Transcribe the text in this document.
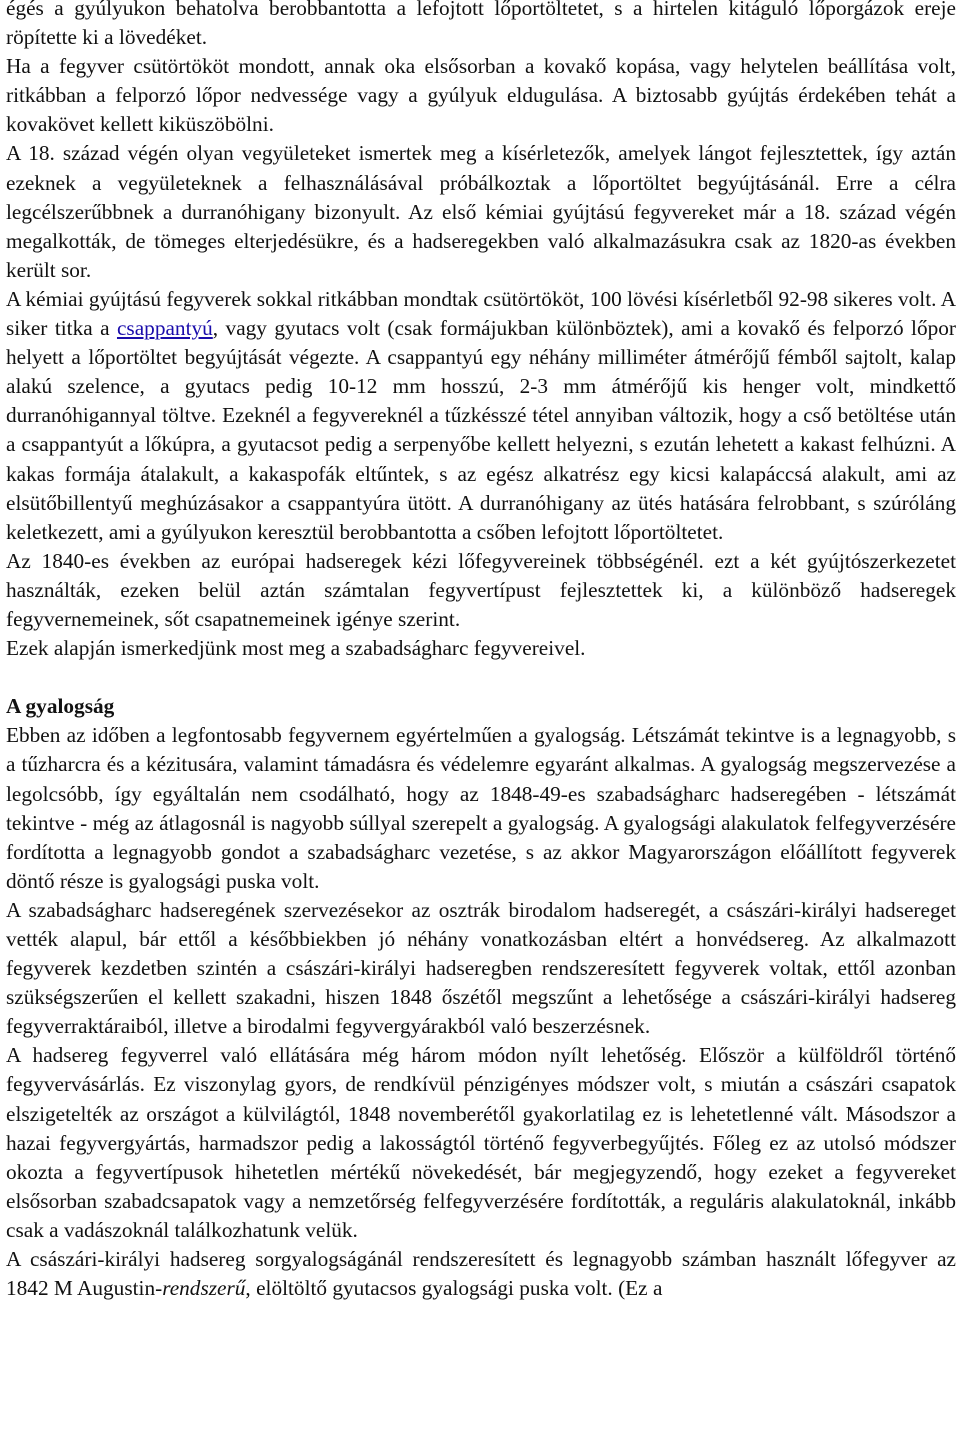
égés a gyúlyukon behatolva berobbantotta a lefojtott lőportöltetet, s a hirtelen kitáguló lőporgázok ereje röpítette ki a lövedéket.

Ha a fegyver csütörtököt mondott, annak oka elsősorban a kovakő kopása, vagy helytelen beállítása volt, ritkábban a felporzó lőpor nedvessége vagy a gyúlyuk eldugulása. A biztosabb gyújtás érdekében tehát a kovakövet kellett kiküszöbölni.

A 18. század végén olyan vegyületeket ismertek meg a kísérletezők, amelyek lángot fejlesztettek, így aztán ezeknek a vegyületeknek a felhasználásával próbálkoztak a lőportöltet begyújtásánál. Erre a célra legcélszerűbbnek a durranóhigany bizonyult. Az első kémiai gyújtású fegyvereket már a 18. század végén megalkották, de tömeges elterjedésükre, és a hadseregekben való alkalmazásukra csak az 1820-as években került sor.

A kémiai gyújtású fegyverek sokkal ritkábban mondtak csütörtököt, 100 lövési kísérletből 92-98 sikeres volt. A siker titka a csappantyú, vagy gyutacs volt (csak formájukban különböztek), ami a kovakő és felporzó lőpor helyett a lőportöltet begyújtását végezte. A csappantyú egy néhány milliméter átmérőjű fémből sajtolt, kalap alakú szelence, a gyutacs pedig 10-12 mm hosszú, 2-3 mm átmérőjű kis henger volt, mindkettő durranóhigannyal töltve. Ezeknél a fegyvereknél a tűzkésszé tétel annyiban változik, hogy a cső betöltése után a csappantyút a lőkúpra, a gyutacsot pedig a serpenyőbe kellett helyezni, s ezután lehetett a kakast felhúzni. A kakas formája átalakult, a kakaspofák eltűntek, s az egész alkatrész egy kicsi kalapáccsá alakult, ami az elsütőbillentyű meghúzásakor a csappantyúra ütött. A durranóhigany az ütés hatására felrobbant, s szúróláng keletkezett, ami a gyúlyukon keresztül berobbantotta a csőben lefojtott lőportöltetet.

Az 1840-es években az európai hadseregek kézi lőfegyvereinek többségénél. ezt a két gyújtószerkezetet használták, ezeken belül aztán számtalan fegyvertípust fejlesztettek ki, a különböző hadseregek fegyvernemeinek, sőt csapatnemeinek igénye szerint.

Ezek alapján ismerkedjünk most meg a szabadságharc fegyvereivel.

A gyalogság

Ebben az időben a legfontosabb fegyvernem egyértelműen a gyalogság. Létszámát tekintve is a legnagyobb, s a tűzharcra és a kézitusára, valamint támadásra és védelemre egyaránt alkalmas. A gyalogság megszervezése a legolcsóbb, így egyáltalán nem csodálható, hogy az 1848-49-es szabadságharc hadseregében - létszámát tekintve - még az átlagosnál is nagyobb súllyal szerepelt a gyalogság. A gyalogsági alakulatok felfegyverzésére fordította a legnagyobb gondot a szabadságharc vezetése, s az akkor Magyarországon előállított fegyverek döntő része is gyalogsági puska volt.

A szabadságharc hadseregének szervezésekor az osztrák birodalom hadseregét, a császári-királyi hadsereget vették alapul, bár ettől a későbbiekben jó néhány vonatkozásban eltért a honvédsereg. Az alkalmazott fegyverek kezdetben szintén a császári-királyi hadseregben rendszeresített fegyverek voltak, ettől azonban szükségszerűen el kellett szakadni, hiszen 1848 őszétől megszűnt a lehetősége a császári-királyi hadsereg fegyverraktáraiból, illetve a birodalmi fegyvergyárakból való beszerzésnek.

A hadsereg fegyverrel való ellátására még három módon nyílt lehetőség. Először a külföldről történő fegyvervásárlás. Ez viszonylag gyors, de rendkívül pénzigényes módszer volt, s miután a császári csapatok elszigetelték az országot a külvilágtól, 1848 novemberétől gyakorlatilag ez is lehetetlenné vált. Másodszor a hazai fegyvergyártás, harmadszor pedig a lakosságtól történő fegyverbegyűjtés. Főleg ez az utolsó módszer okozta a fegyvertípusok hihetetlen mértékű növekedését, bár megjegyzendő, hogy ezeket a fegyvereket elsősorban szabadcsapatok vagy a nemzetőrség felfegyverzésére fordították, a reguláris alakulatoknál, inkább csak a vadászoknál találkozhatunk velük.

A császári-királyi hadsereg sorgyalogságánál rendszeresített és legnagyobb számban használt lőfegyver az 1842 M Augustin-rendszerű, elöltöltő gyutacsos gyalogsági puska volt. (Ez a
